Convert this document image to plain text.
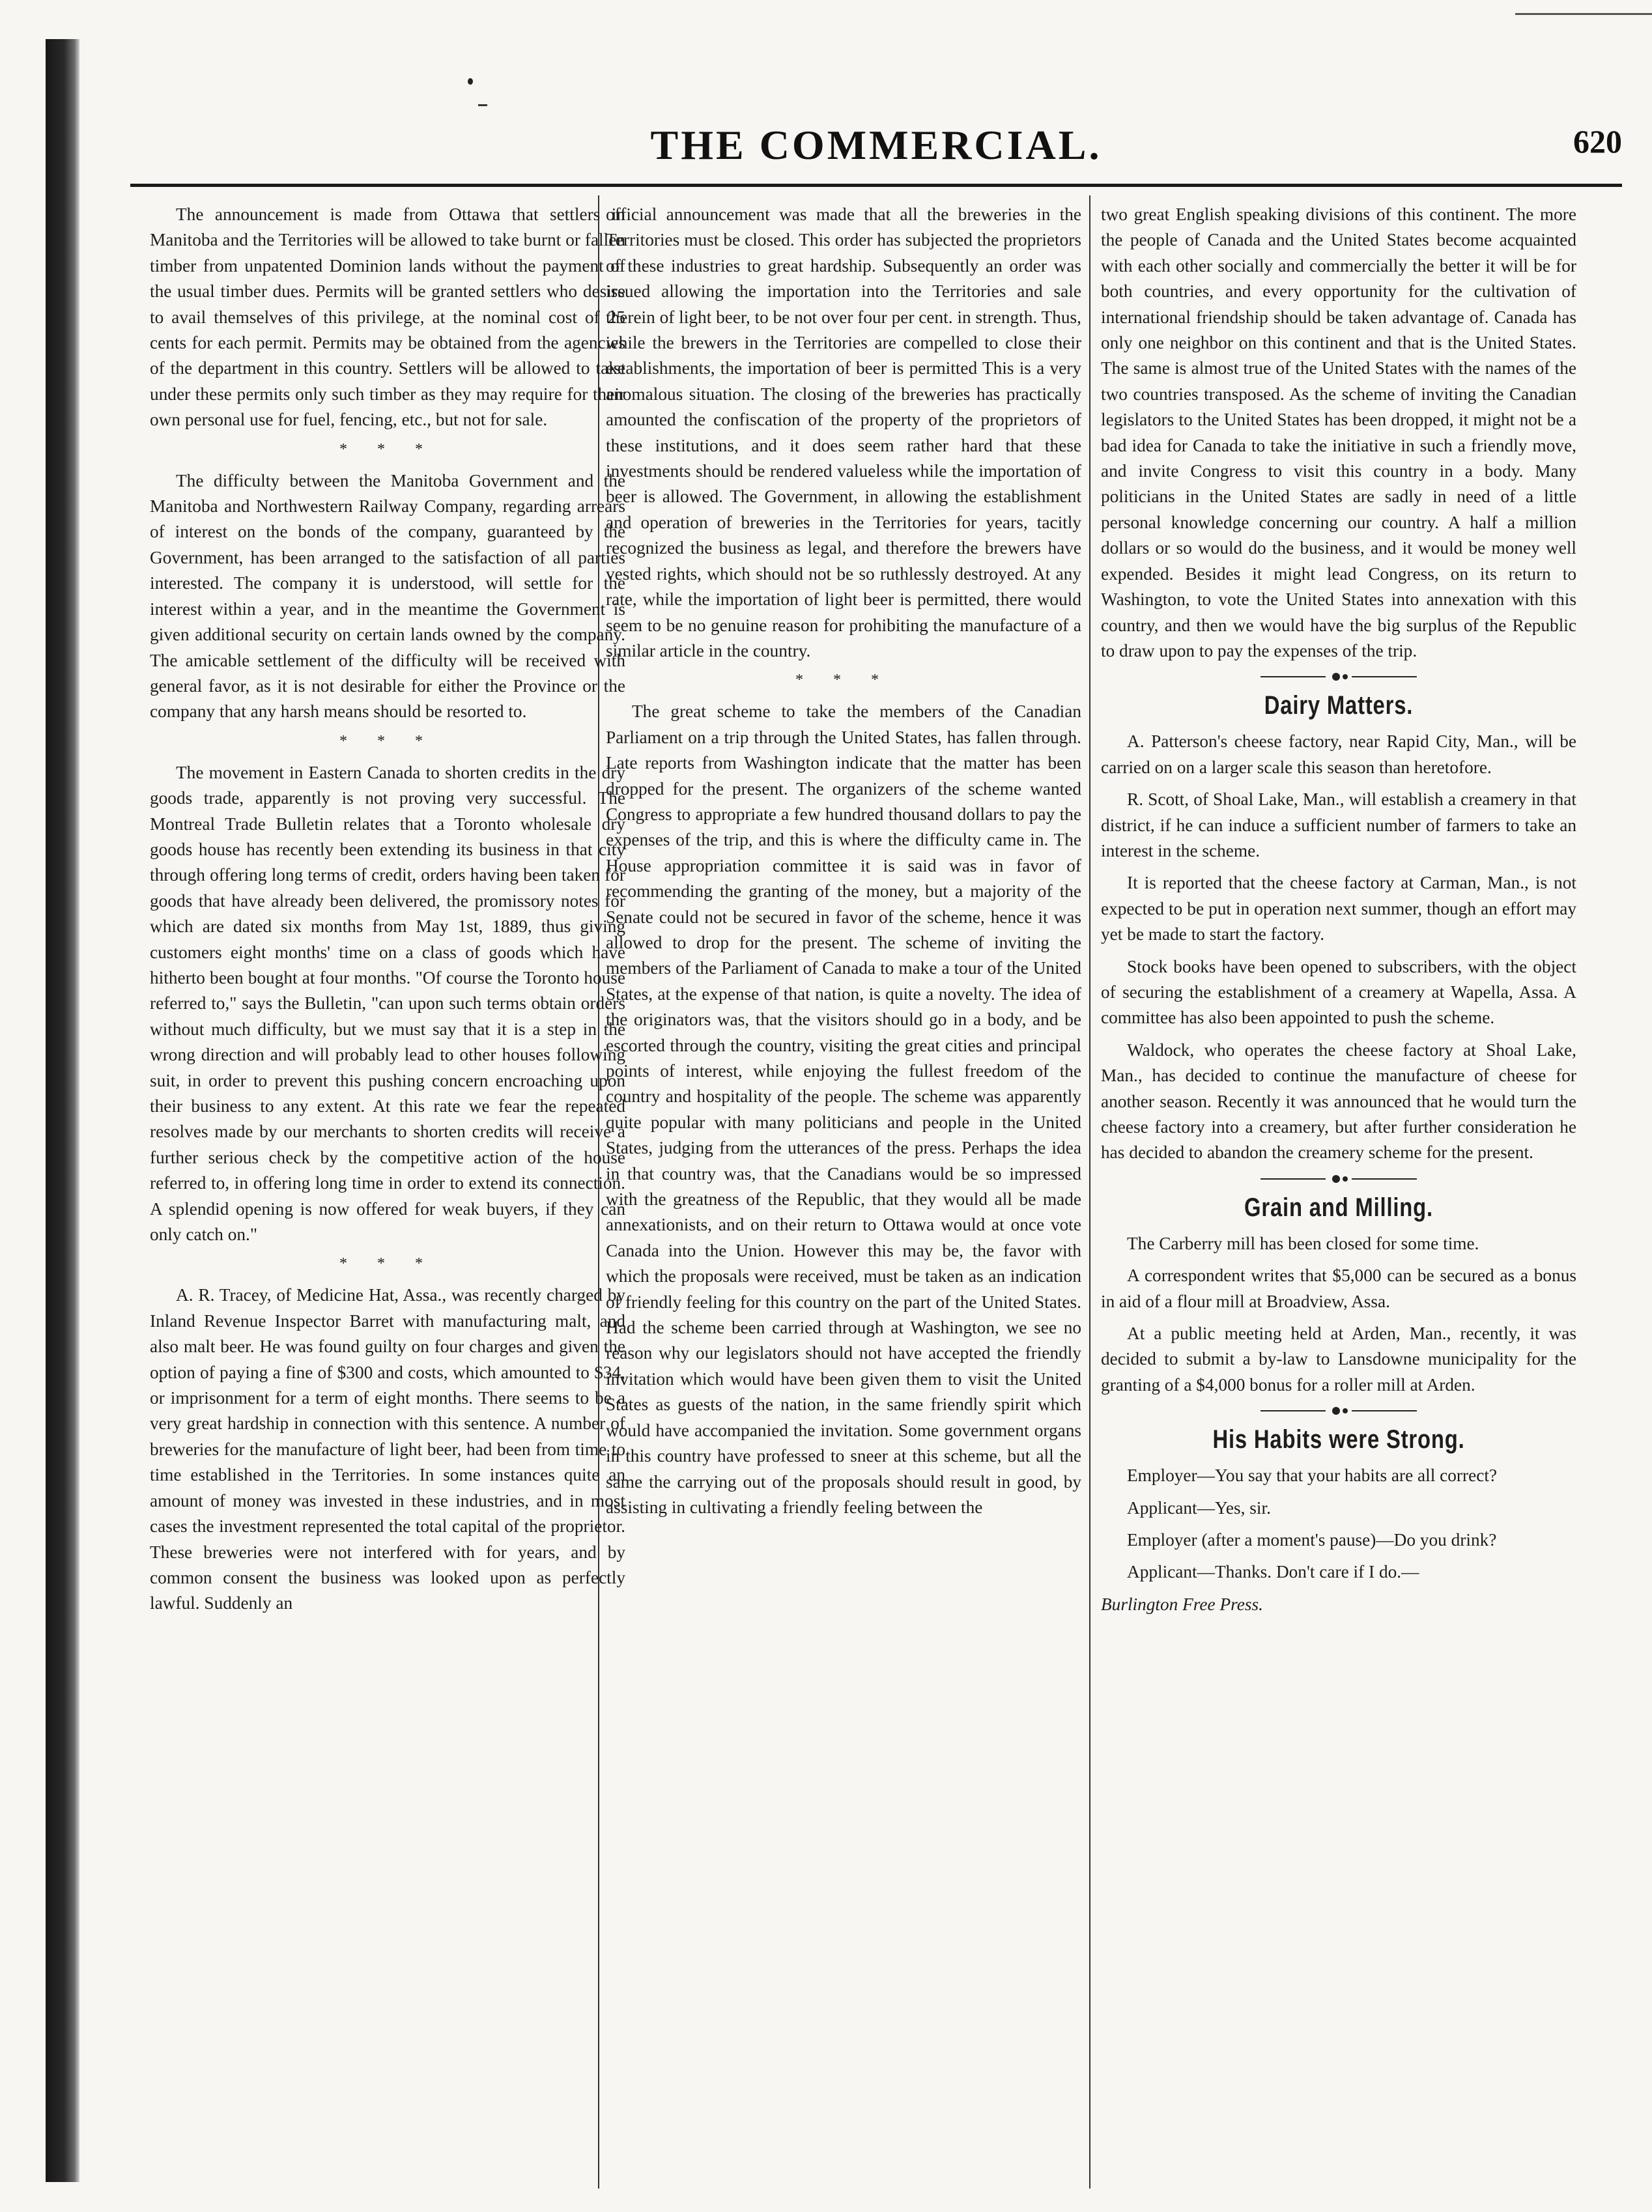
THE COMMERCIAL.	620

The announcement is made from Ottawa that settlers in Manitoba and the Territories will be allowed to take burnt or fallen timber from unpatented Dominion lands without the payment of the usual timber dues. Permits will be granted settlers who desire to avail themselves of this privilege, at the nominal cost of 25 cents for each permit. Permits may be obtained from the agencies of the department in this country. Settlers will be allowed to take under these permits only such timber as they may require for their own personal use for fuel, fencing, etc., but not for sale.

* * *

The difficulty between the Manitoba Government and the Manitoba and Northwestern Railway Company, regarding arrears of interest on the bonds of the company, guaranteed by the Government, has been arranged to the satisfaction of all parties interested. The company it is understood, will settle for the interest within a year, and in the meantime the Government is given additional security on certain lands owned by the company. The amicable settlement of the difficulty will be received with general favor, as it is not desirable for either the Province or the company that any harsh means should be resorted to.

* * *

The movement in Eastern Canada to shorten credits in the dry goods trade, apparently is not proving very successful. The Montreal Trade Bulletin relates that a Toronto wholesale dry goods house has recently been extending its business in that city through offering long terms of credit, orders having been taken for goods that have already been delivered, the promissory notes for which are dated six months from May 1st, 1889, thus giving customers eight months' time on a class of goods which have hitherto been bought at four months. "Of course the Toronto house referred to," says the Bulletin, "can upon such terms obtain orders without much difficulty, but we must say that it is a step in the wrong direction and will probably lead to other houses following suit, in order to prevent this pushing concern encroaching upon their business to any extent. At this rate we fear the repeated resolves made by our merchants to shorten credits will receive a further serious check by the competitive action of the house referred to, in offering long time in order to extend its connection. A splendid opening is now offered for weak buyers, if they can only catch on."

* * *

A. R. Tracey, of Medicine Hat, Assa., was recently charged by Inland Revenue Inspector Barret with manufacturing malt, and also malt beer. He was found guilty on four charges and given the option of paying a fine of $300 and costs, which amounted to $34, or imprisonment for a term of eight months. There seems to be a very great hardship in connection with this sentence. A number of breweries for the manufacture of light beer, had been from time to time established in the Territories. In some instances quite an amount of money was invested in these industries, and in most cases the investment represented the total capital of the proprietor. These breweries were not interfered with for years, and by common consent the business was looked upon as perfectly lawful. Suddenly an

official announcement was made that all the breweries in the Territories must be closed. This order has subjected the proprietors of these industries to great hardship. Subsequently an order was issued allowing the importation into the Territories and sale therein of light beer, to be not over four per cent. in strength. Thus, while the brewers in the Territories are compelled to close their establishments, the importation of beer is permitted This is a very anomalous situation. The closing of the breweries has practically amounted the confiscation of the property of the proprietors of these institutions, and it does seem rather hard that these investments should be rendered valueless while the importation of beer is allowed. The Government, in allowing the establishment and operation of breweries in the Territories for years, tacitly recognized the business as legal, and therefore the brewers have vested rights, which should not be so ruthlessly destroyed. At any rate, while the importation of light beer is permitted, there would seem to be no genuine reason for prohibiting the manufacture of a similar article in the country.

* * *

The great scheme to take the members of the Canadian Parliament on a trip through the United States, has fallen through. Late reports from Washington indicate that the matter has been dropped for the present. The organizers of the scheme wanted Congress to appropriate a few hundred thousand dollars to pay the expenses of the trip, and this is where the difficulty came in. The House appropriation committee it is said was in favor of recommending the granting of the money, but a majority of the Senate could not be secured in favor of the scheme, hence it was allowed to drop for the present. The scheme of inviting the members of the Parliament of Canada to make a tour of the United States, at the expense of that nation, is quite a novelty. The idea of the originators was, that the visitors should go in a body, and be escorted through the country, visiting the great cities and principal points of interest, while enjoying the fullest freedom of the country and hospitality of the people. The scheme was apparently quite popular with many politicians and people in the United States, judging from the utterances of the press. Perhaps the idea in that country was, that the Canadians would be so impressed with the greatness of the Republic, that they would all be made annexationists, and on their return to Ottawa would at once vote Canada into the Union. However this may be, the favor with which the proposals were received, must be taken as an indication of friendly feeling for this country on the part of the United States. Had the scheme been carried through at Washington, we see no reason why our legislators should not have accepted the friendly invitation which would have been given them to visit the United States as guests of the nation, in the same friendly spirit which would have accompanied the invitation. Some government organs in this country have professed to sneer at this scheme, but all the same the carrying out of the proposals should result in good, by assisting in cultivating a friendly feeling between the

two great English speaking divisions of this continent. The more the people of Canada and the United States become acquainted with each other socially and commercially the better it will be for both countries, and every opportunity for the cultivation of international friendship should be taken advantage of. Canada has only one neighbor on this continent and that is the United States. The same is almost true of the United States with the names of the two countries transposed. As the scheme of inviting the Canadian legislators to the United States has been dropped, it might not be a bad idea for Canada to take the initiative in such a friendly move, and invite Congress to visit this country in a body. Many politicians in the United States are sadly in need of a little personal knowledge concerning our country. A half a million dollars or so would do the business, and it would be money well expended. Besides it might lead Congress, on its return to Washington, to vote the United States into annexation with this country, and then we would have the big surplus of the Republic to draw upon to pay the expenses of the trip.

Dairy Matters.

A. Patterson's cheese factory, near Rapid City, Man., will be carried on on a larger scale this season than heretofore.

R. Scott, of Shoal Lake, Man., will establish a creamery in that district, if he can induce a sufficient number of farmers to take an interest in the scheme.

It is reported that the cheese factory at Carman, Man., is not expected to be put in operation next summer, though an effort may yet be made to start the factory.

Stock books have been opened to subscribers, with the object of securing the establishment of a creamery at Wapella, Assa. A committee has also been appointed to push the scheme.

Waldock, who operates the cheese factory at Shoal Lake, Man., has decided to continue the manufacture of cheese for another season. Recently it was announced that he would turn the cheese factory into a creamery, but after further consideration he has decided to abandon the creamery scheme for the present.

Grain and Milling.

The Carberry mill has been closed for some time.

A correspondent writes that $5,000 can be secured as a bonus in aid of a flour mill at Broadview, Assa.

At a public meeting held at Arden, Man., recently, it was decided to submit a by-law to Lansdowne municipality for the granting of a $4,000 bonus for a roller mill at Arden.

His Habits were Strong.

Employer—You say that your habits are all correct?

Applicant—Yes, sir.

Employer (after a moment's pause)—Do you drink?

Applicant—Thanks. Don't care if I do.—

Burlington Free Press.
